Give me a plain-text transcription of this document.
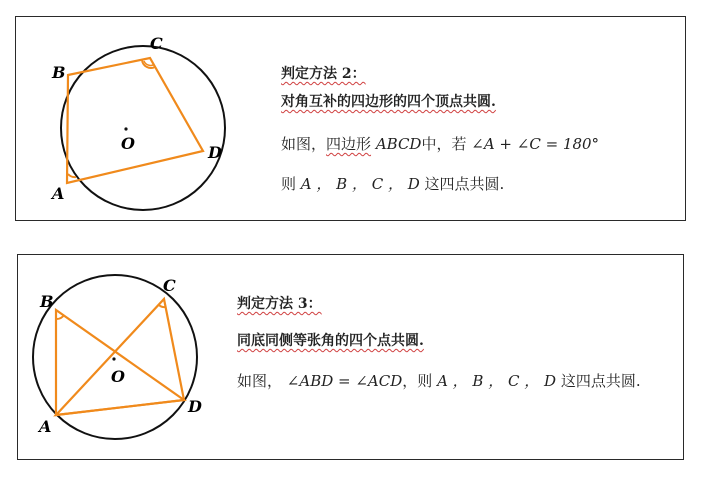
B
C
D
A
O
判定方法 2：
对角互补的四边形的四个顶点共圆.
如图，四边形 ABCD中，若 ∠A + ∠C = 180°
则 A ， B ， C ， D 这四点共圆.
B
C
D
A
O
判定方法 3：
同底同侧等张角的四个点共圆.
如图， ∠ABD = ∠ACD，则 A ， B ， C ， D 这四点共圆.
